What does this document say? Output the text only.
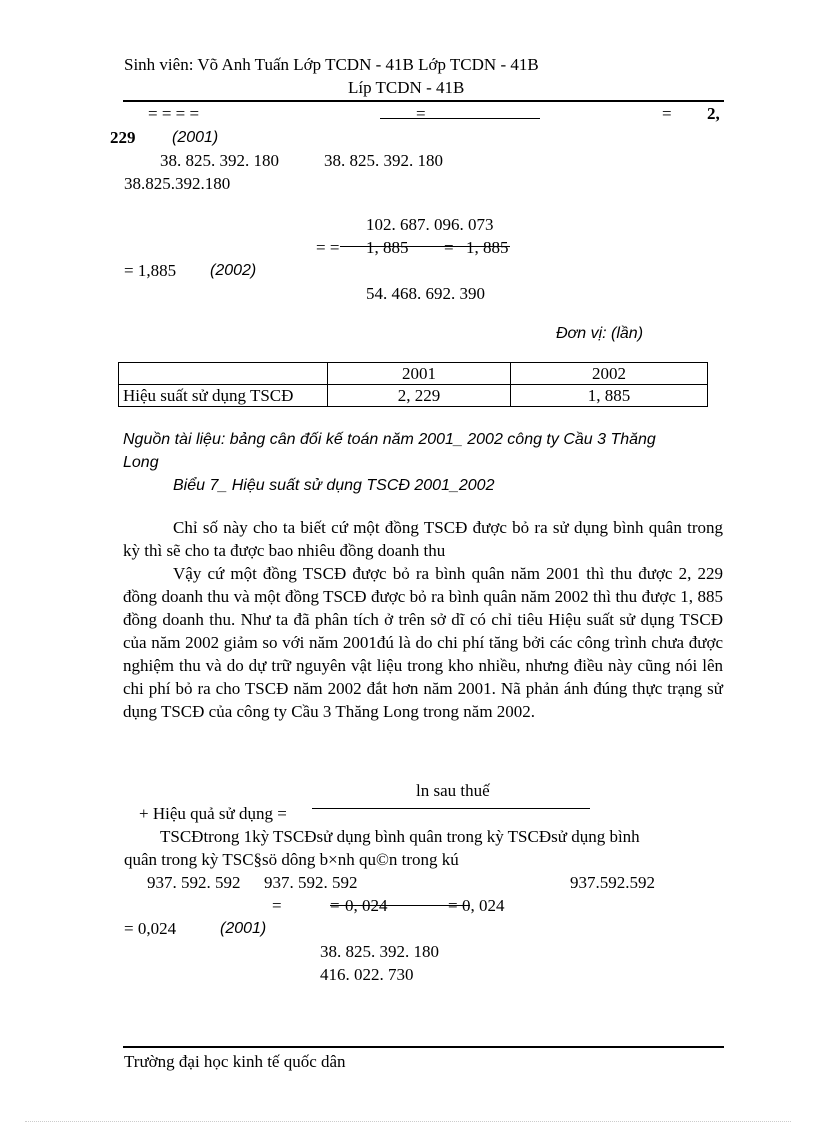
Sinh viên: Võ Anh Tuấn Lớp TCDN - 41B Lớp TCDN - 41B
Líp TCDN - 41B
= = = =	=	= 2,
229 (2001)
38. 825. 392. 180	38. 825. 392. 180
38.825.392.180
102. 687. 096. 073
= = 1, 885 = 1, 885
= 1,885 (2002)
54. 468. 692. 390
Đơn vị: (lần)
	2001	2002
Hiệu suất sử dụng TSCĐ	2, 229	1, 885
Nguồn tài liệu: bảng cân đối kế toán năm 2001_ 2002 công ty Cầu 3 Thăng
Long
Biểu 7_ Hiệu suất sử dụng TSCĐ 2001_2002
Chỉ số này cho ta biết cứ một đồng TSCĐ được bỏ ra sử dụng bình quân trong kỳ thì sẽ cho ta được bao nhiêu đồng doanh thu
Vậy cứ một đồng TSCĐ được bỏ ra bình quân năm 2001 thì thu được 2, 229 đồng doanh thu và một đồng TSCĐ được bỏ ra bình quân năm 2002 thì thu được 1, 885 đồng doanh thu. Như ta đã phân tích ở trên sở dĩ có chỉ tiêu Hiệu suất sử dụng TSCĐ của năm 2002 giảm so với năm 2001đú là do chi phí tăng bởi các công trình chưa được nghiệm thu và do dự trữ nguyên vật liệu trong kho nhiều, nhưng điều này cũng nói lên chi phí bỏ ra cho TSCĐ năm 2002 đắt hơn năm 2001. Nã phản ánh đúng thực trạng sử dụng TSCĐ của công ty Cầu 3 Thăng Long trong năm 2002.
ln sau thuế
+ Hiệu quả sử dụng =
TSCĐtrong 1kỳ TSCĐsử dụng bình quân trong kỳ TSCĐsử dụng bình
quân trong kỳ TSC§sö dông b×nh qu©n trong kú
937. 592. 592 937. 592. 592	937.592.592
=	= 0, 024	= 0, 024
= 0,024	(2001)
38. 825. 392. 180
416. 022. 730
Trường đại học kinh tế quốc dân
